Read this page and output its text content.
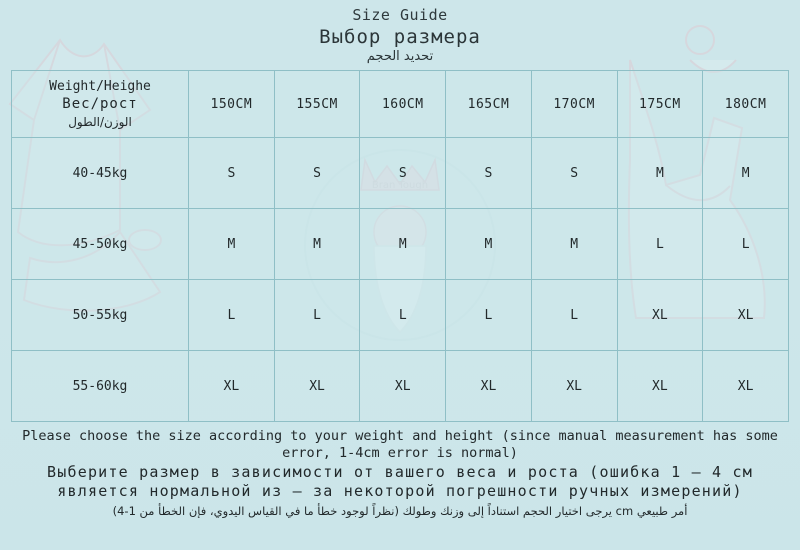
Bran Tough
Size Guide
Выбор размера
تحديد الحجم
Weight/Heighe
Вес/рост
الوزن/الطول	150CM	155CM	160CM	165CM	170CM	175CM	180CM
40-45kg	S	S	S	S	S	M	M
45-50kg	M	M	M	M	M	L	L
50-55kg	L	L	L	L	L	XL	XL
55-60kg	XL	XL	XL	XL	XL	XL	XL
Please choose the size according to your weight and height (since manual measurement has some error, 1-4cm error is normal)
Выберите размер в зависимости от вашего веса и роста (ошибка 1 – 4 см является нормальной из – за некоторой погрешности ручных измерений)
أمر طبيعي cm يرجى اختيار الحجم استناداً إلى وزنك وطولك (نظراً لوجود خطأ ما في القياس اليدوي، فإن الخطأ من 1-4)
